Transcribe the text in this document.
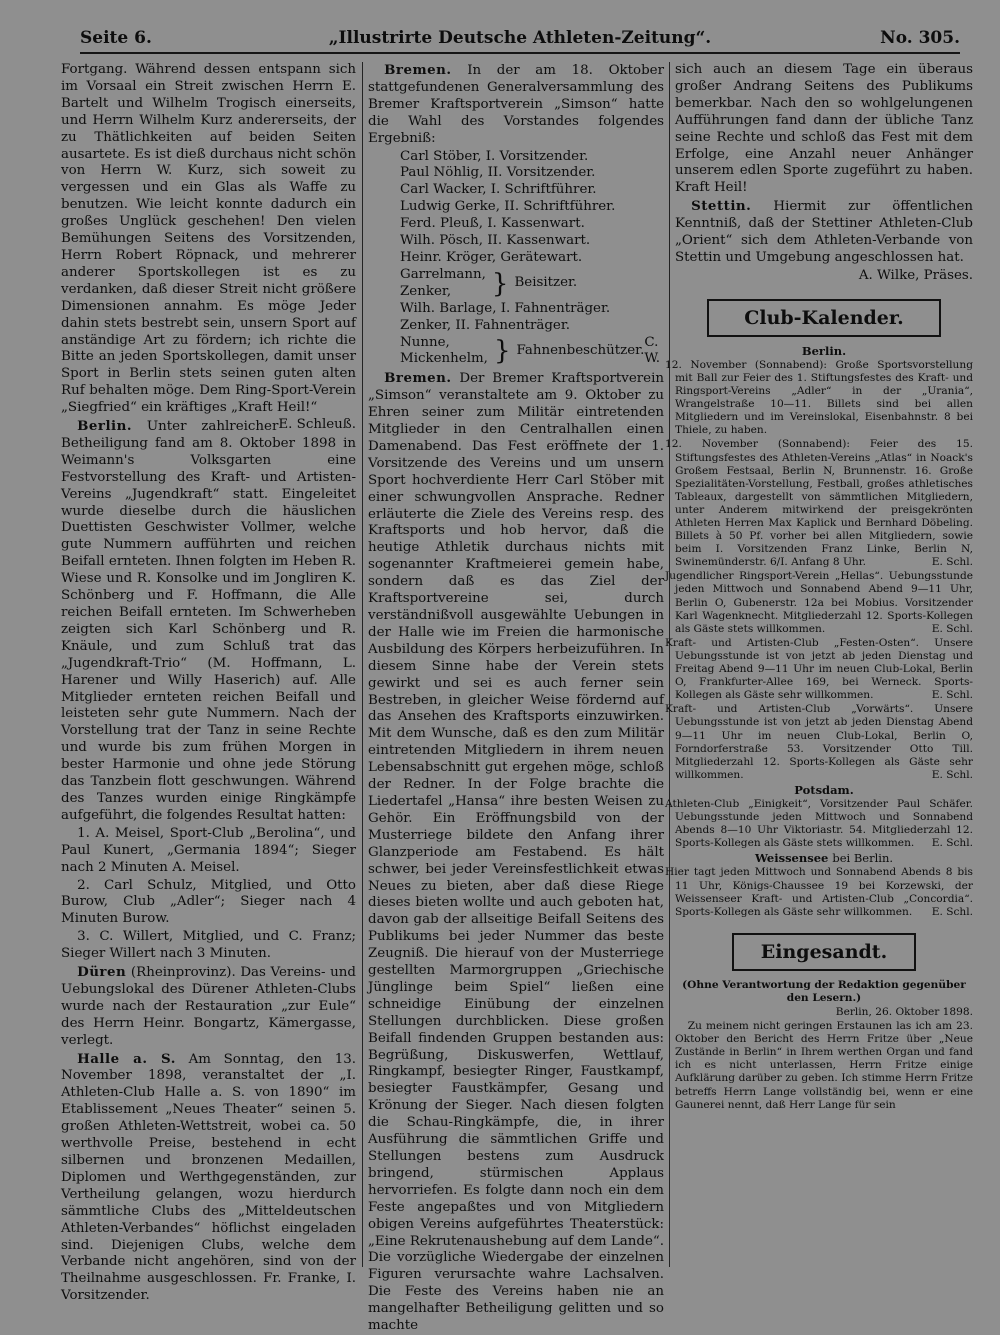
Seite 6.	„Illustrirte Deutsche Athleten-Zeitung“.	No. 305.

Fortgang. Während dessen entspann sich im Vorsaal ein Streit zwischen Herrn E. Bartelt und Wilhelm Trogisch einerseits, und Herrn Wilhelm Kurz andererseits, der zu Thätlichkeiten auf beiden Seiten ausartete. Es ist dieß durchaus nicht schön von Herrn W. Kurz, sich soweit zu vergessen und ein Glas als Waffe zu benutzen. Wie leicht konnte dadurch ein großes Unglück geschehen! Den vielen Bemühungen Seitens des Vorsitzenden, Herrn Robert Röpnack, und mehrerer anderer Sportskollegen ist es zu verdanken, daß dieser Streit nicht größere Dimensionen annahm. Es möge Jeder dahin stets bestrebt sein, unsern Sport auf anständige Art zu fördern; ich richte die Bitte an jeden Sportskollegen, damit unser Sport in Berlin stets seinen guten alten Ruf behalten möge. Dem Ring-Sport-Verein „Siegfried“ ein kräftiges „Kraft Heil!“
E. Schleuß.

Berlin. Unter zahlreicher Betheiligung fand am 8. Oktober 1898 in Weimann's Volksgarten eine Festvorstellung des Kraft- und Artisten-Vereins „Jugendkraft“ statt. Eingeleitet wurde dieselbe durch die häuslichen Duettisten Geschwister Vollmer, welche gute Nummern aufführten und reichen Beifall ernteten. Ihnen folgten im Heben R. Wiese und R. Konsolke und im Jongliren K. Schönberg und F. Hoffmann, die Alle reichen Beifall ernteten. Im Schwerheben zeigten sich Karl Schönberg und R. Knäule, und zum Schluß trat das „Jugendkraft-Trio“ (M. Hoffmann, L. Harener und Willy Haserich) auf. Alle Mitglieder ernteten reichen Beifall und leisteten sehr gute Nummern. Nach der Vorstellung trat der Tanz in seine Rechte und wurde bis zum frühen Morgen in bester Harmonie und ohne jede Störung das Tanzbein flott geschwungen. Während des Tanzes wurden einige Ringkämpfe aufgeführt, die folgendes Resultat hatten:

1. A. Meisel, Sport-Club „Berolina“, und Paul Kunert, „Germania 1894“; Sieger nach 2 Minuten A. Meisel.

2. Carl Schulz, Mitglied, und Otto Burow, Club „Adler“; Sieger nach 4 Minuten Burow.

3. C. Willert, Mitglied, und C. Franz; Sieger Willert nach 3 Minuten.

Düren (Rheinprovinz). Das Vereins- und Uebungslokal des Dürener Athleten-Clubs wurde nach der Restauration „zur Eule“ des Herrn Heinr. Bongartz, Kämergasse, verlegt.

Halle a. S. Am Sonntag, den 13. November 1898, veranstaltet der „I. Athleten-Club Halle a. S. von 1890“ im Etablissement „Neues Theater“ seinen 5. großen Athleten-Wettstreit, wobei ca. 50 werthvolle Preise, bestehend in echt silbernen und bronzenen Medaillen, Diplomen und Werthgegenständen, zur Vertheilung gelangen, wozu hierdurch sämmtliche Clubs des „Mitteldeutschen Athleten-Verbandes“ höflichst eingeladen sind. Diejenigen Clubs, welche dem Verbande nicht angehören, sind von der Theilnahme ausgeschlossen. Fr. Franke, I. Vorsitzender.

Bremen. In der am 18. Oktober stattgefundenen Generalversammlung des Bremer Kraftsportverein „Simson“ hatte die Wahl des Vorstandes folgendes Ergebniß:

Carl Stöber, I. Vorsitzender.
Paul Nöhlig, II. Vorsitzender.
Carl Wacker, I. Schriftführer.
Ludwig Gerke, II. Schriftführer.
Ferd. Pleuß, I. Kassenwart.
Wilh. Pösch, II. Kassenwart.
Heinr. Kröger, Gerätewart.
Garrelmann,
Zenker,	} Beisitzer.
Wilh. Barlage, I. Fahnenträger.
Zenker, II. Fahnenträger.
Nunne,
Mickenhelm, } Fahnenbeschützer.
C. W.

Bremen. Der Bremer Kraftsportverein „Simson“ veranstaltete am 9. Oktober zu Ehren seiner zum Militär eintretenden Mitglieder in den Centralhallen einen Damenabend. Das Fest eröffnete der 1. Vorsitzende des Vereins und um unsern Sport hochverdiente Herr Carl Stöber mit einer schwungvollen Ansprache. Redner erläuterte die Ziele des Vereins resp. des Kraftsports und hob hervor, daß die heutige Athletik durchaus nichts mit sogenannter Kraftmeierei gemein habe, sondern daß es das Ziel der Kraftsportvereine sei, durch verständnißvoll ausgewählte Uebungen in der Halle wie im Freien die harmonische Ausbildung des Körpers herbeizuführen. In diesem Sinne habe der Verein stets gewirkt und sei es auch ferner sein Bestreben, in gleicher Weise fördernd auf das Ansehen des Kraftsports einzuwirken. Mit dem Wunsche, daß es den zum Militär eintretenden Mitgliedern in ihrem neuen Lebensabschnitt gut ergehen möge, schloß der Redner. In der Folge brachte die Liedertafel „Hansa“ ihre besten Weisen zu Gehör. Ein Eröffnungsbild von der Musterriege bildete den Anfang ihrer Glanzperiode am Festabend. Es hält schwer, bei jeder Vereinsfestlichkeit etwas Neues zu bieten, aber daß diese Riege dieses bieten wollte und auch geboten hat, davon gab der allseitige Beifall Seitens des Publikums bei jeder Nummer das beste Zeugniß. Die hierauf von der Musterriege gestellten Marmorgruppen „Griechische Jünglinge beim Spiel“ ließen eine schneidige Einübung der einzelnen Stellungen durchblicken. Diese großen Beifall findenden Gruppen bestanden aus: Begrüßung, Diskuswerfen, Wettlauf, Ringkampf, besiegter Ringer, Faustkampf, besiegter Faustkämpfer, Gesang und Krönung der Sieger. Nach diesen folgten die Schau-Ringkämpfe, die, in ihrer Ausführung die sämmtlichen Griffe und Stellungen bestens zum Ausdruck bringend, stürmischen Applaus hervorriefen. Es folgte dann noch ein dem Feste angepaßtes und von Mitgliedern obigen Vereins aufgeführtes Theaterstück: „Eine Rekrutenaushebung auf dem Lande“. Die vorzügliche Wiedergabe der einzelnen Figuren verursachte wahre Lachsalven. Die Feste des Vereins haben nie an mangelhafter Betheiligung gelitten und so machte

sich auch an diesem Tage ein überaus großer Andrang Seitens des Publikums bemerkbar. Nach den so wohlgelungenen Aufführungen fand dann der übliche Tanz seine Rechte und schloß das Fest mit dem Erfolge, eine Anzahl neuer Anhänger unserem edlen Sporte zugeführt zu haben. Kraft Heil!

Stettin. Hiermit zur öffentlichen Kenntniß, daß der Stettiner Athleten-Club „Orient“ sich dem Athleten-Verbande von Stettin und Umgebung angeschlossen hat.

A. Wilke, Präses.

Club-Kalender.
Berlin.

12. November (Sonnabend): Große Sportsvorstellung mit Ball zur Feier des 1. Stiftungsfestes des Kraft- und Ringsport-Vereins „Adler“ in der „Urania“, Wrangelstraße 10—11. Billets sind bei allen Mitgliedern und im Vereinslokal, Eisenbahnstr. 8 bei Thiele, zu haben.

12. November (Sonnabend): Feier des 15. Stiftungsfestes des Athleten-Vereins „Atlas“ in Noack's Großem Festsaal, Berlin N, Brunnenstr. 16. Große Spezialitäten-Vorstellung, Festball, großes athletisches Tableaux, dargestellt von sämmtlichen Mitgliedern, unter Anderem mitwirkend der preisgekrönten Athleten Herren Max Kaplick und Bernhard Döbeling. Billets à 50 Pf. vorher bei allen Mitgliedern, sowie beim I. Vorsitzenden Franz Linke, Berlin N, Swinemünderstr. 6/I. Anfang 8 Uhr.	E. Schl.

Jugendlicher Ringsport-Verein „Hellas“. Uebungsstunde jeden Mittwoch und Sonnabend Abend 9—11 Uhr, Berlin O, Gubenerstr. 12a bei Mobius. Vorsitzender Karl Wagenknecht. Mitgliederzahl 12. Sports-Kollegen als Gäste stets willkommen.	E. Schl.

Kraft- und Artisten-Club „Festen-Osten“. Unsere Uebungsstunde ist von jetzt ab jeden Dienstag und Freitag Abend 9—11 Uhr im neuen Club-Lokal, Berlin O, Frankfurter-Allee 169, bei Werneck. Sports-Kollegen als Gäste sehr willkommen.	E. Schl.

Kraft- und Artisten-Club „Vorwärts“. Unsere Uebungsstunde ist von jetzt ab jeden Dienstag Abend 9—11 Uhr im neuen Club-Lokal, Berlin O, Forndorferstraße 53. Vorsitzender Otto Till. Mitgliederzahl 12. Sports-Kollegen als Gäste sehr willkommen.	E. Schl.

Potsdam.

Athleten-Club „Einigkeit“, Vorsitzender Paul Schäfer. Uebungsstunde jeden Mittwoch und Sonnabend Abends 8—10 Uhr Viktoriastr. 54. Mitgliederzahl 12. Sports-Kollegen als Gäste stets willkommen. E. Schl.

Weissensee bei Berlin.

Hier tagt jeden Mittwoch und Sonnabend Abends 8 bis 11 Uhr, Königs-Chaussee 19 bei Korzewski, der Weissenseer Kraft- und Artisten-Club „Concordia“. Sports-Kollegen als Gäste sehr willkommen. E. Schl.

Eingesandt.

(Ohne Verantwortung der Redaktion gegenüber den Lesern.)

Berlin, 26. Oktober 1898.

Zu meinem nicht geringen Erstaunen las ich am 23. Oktober den Bericht des Herrn Fritze über „Neue Zustände in Berlin“ in Ihrem werthen Organ und fand ich es nicht unterlassen, Herrn Fritze einige Aufklärung darüber zu geben. Ich stimme Herrn Fritze betreffs Herrn Lange vollständig bei, wenn er eine Gaunerei nennt, daß Herr Lange für sein
